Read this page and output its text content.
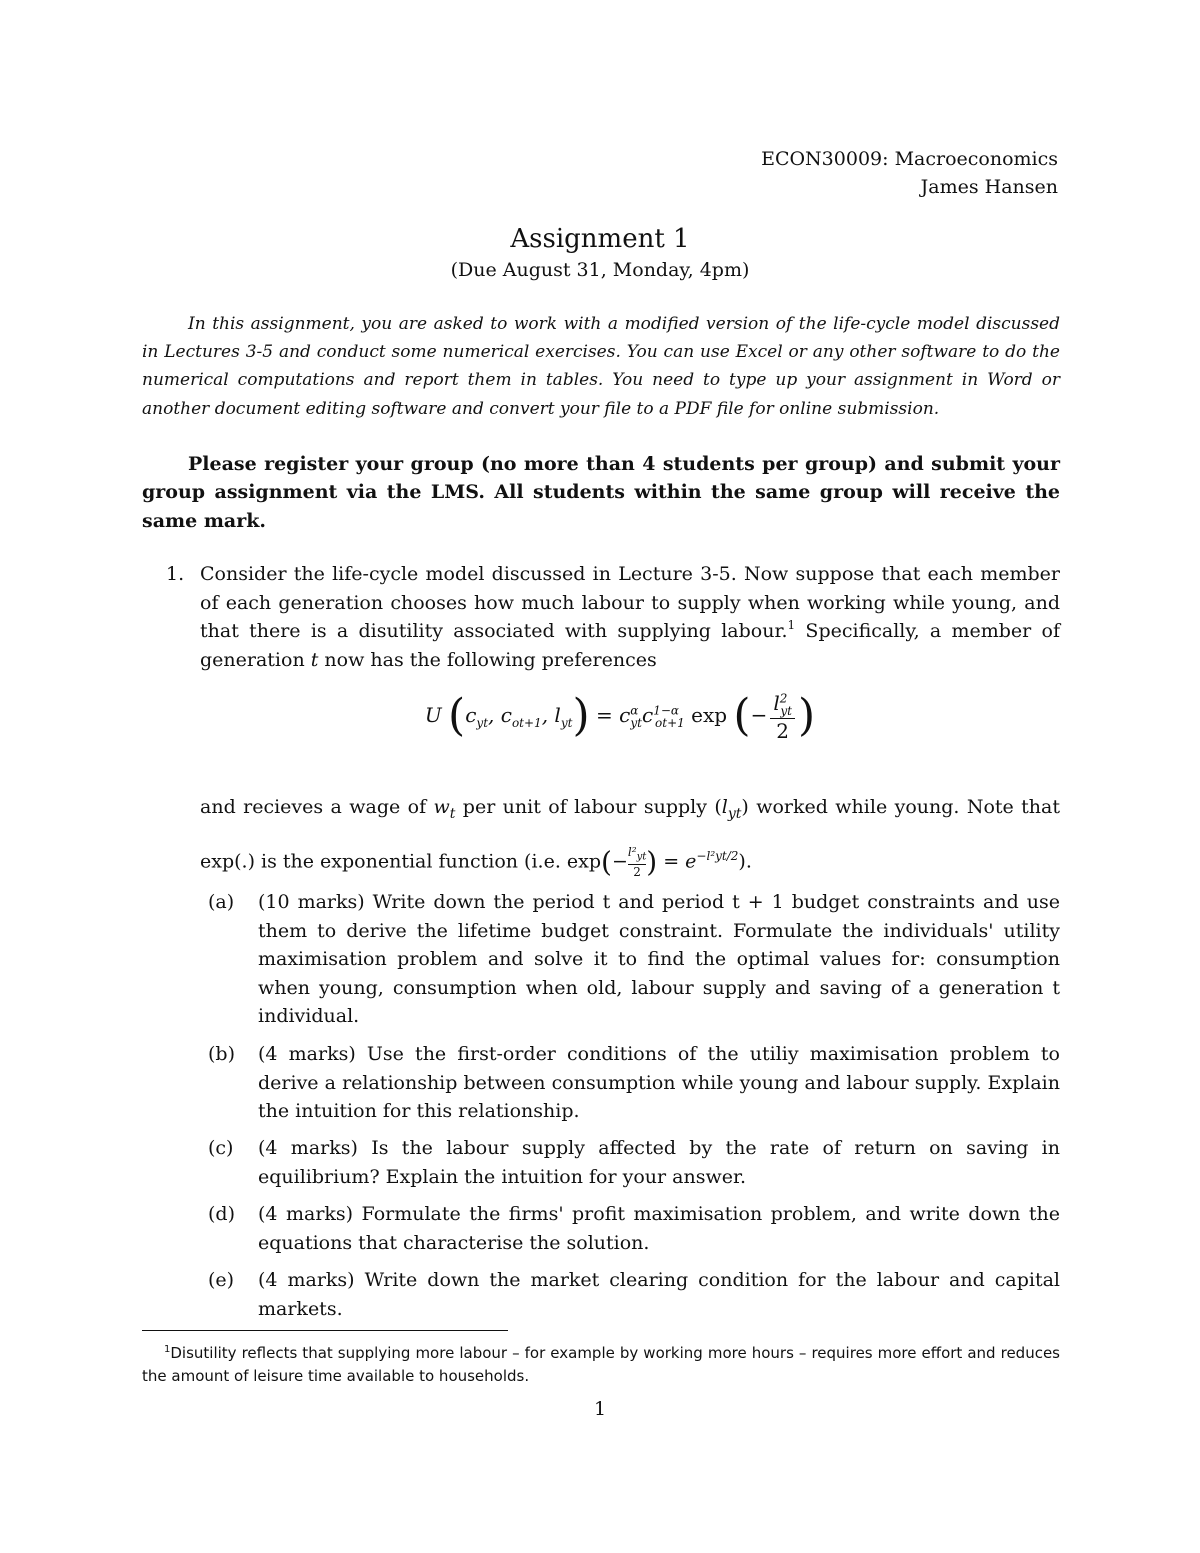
ECON30009: Macroeconomics
James Hansen
Assignment 1
(Due August 31, Monday, 4pm)
In this assignment, you are asked to work with a modified version of the life-cycle model discussed in Lectures 3-5 and conduct some numerical exercises. You can use Excel or any other software to do the numerical computations and report them in tables. You need to type up your assignment in Word or another document editing software and convert your file to a PDF file for online submission.
Please register your group (no more than 4 students per group) and submit your group assignment via the LMS. All students within the same group will receive the same mark.
1. Consider the life-cycle model discussed in Lecture 3-5. Now suppose that each member of each generation chooses how much labour to supply when working while young, and that there is a disutility associated with supplying labour.$^1$ Specifically, a member of generation t now has the following preferences
U ($c_{yt}$, $c_{ot+1}$, $l_{yt}) = c^\alpha_{yt}c^{1-\alpha}_{ot+1}$ exp (− $\frac{l^2_{yt}}{2}$ )
and recieves a wage of $w_t$ per unit of labour supply $(l_{yt})$ worked while young. Note that exp(.) is the exponential function (i.e. $\exp(- \frac{l^2_{yt}}{2}) = e^{-l^2yt/2}$).
(a) (10 marks) Write down the period t and period t + 1 budget constraints and use them to derive the lifetime budget constraint. Formulate the individuals' utility maximisation problem and solve it to find the optimal values for: consumption when young, consumption when old, labour supply and saving of a generation t individual.
(b) (4 marks) Use the first-order conditions of the utiliy maximisation problem to derive a relationship between consumption while young and labour supply. Explain the intuition for this relationship.
(c) (4 marks) Is the labour supply affected by the rate of return on saving in equilibrium? Explain the intuition for your answer.
(d) (4 marks) Formulate the firms' profit maximisation problem, and write down the equations that characterise the solution.
(e) (4 marks) Write down the market clearing condition for the labour and capital markets.
$^1$Disutility reflects that supplying more labour – for example by working more hours – requires more effort and reduces the amount of leisure time available to households.
1
